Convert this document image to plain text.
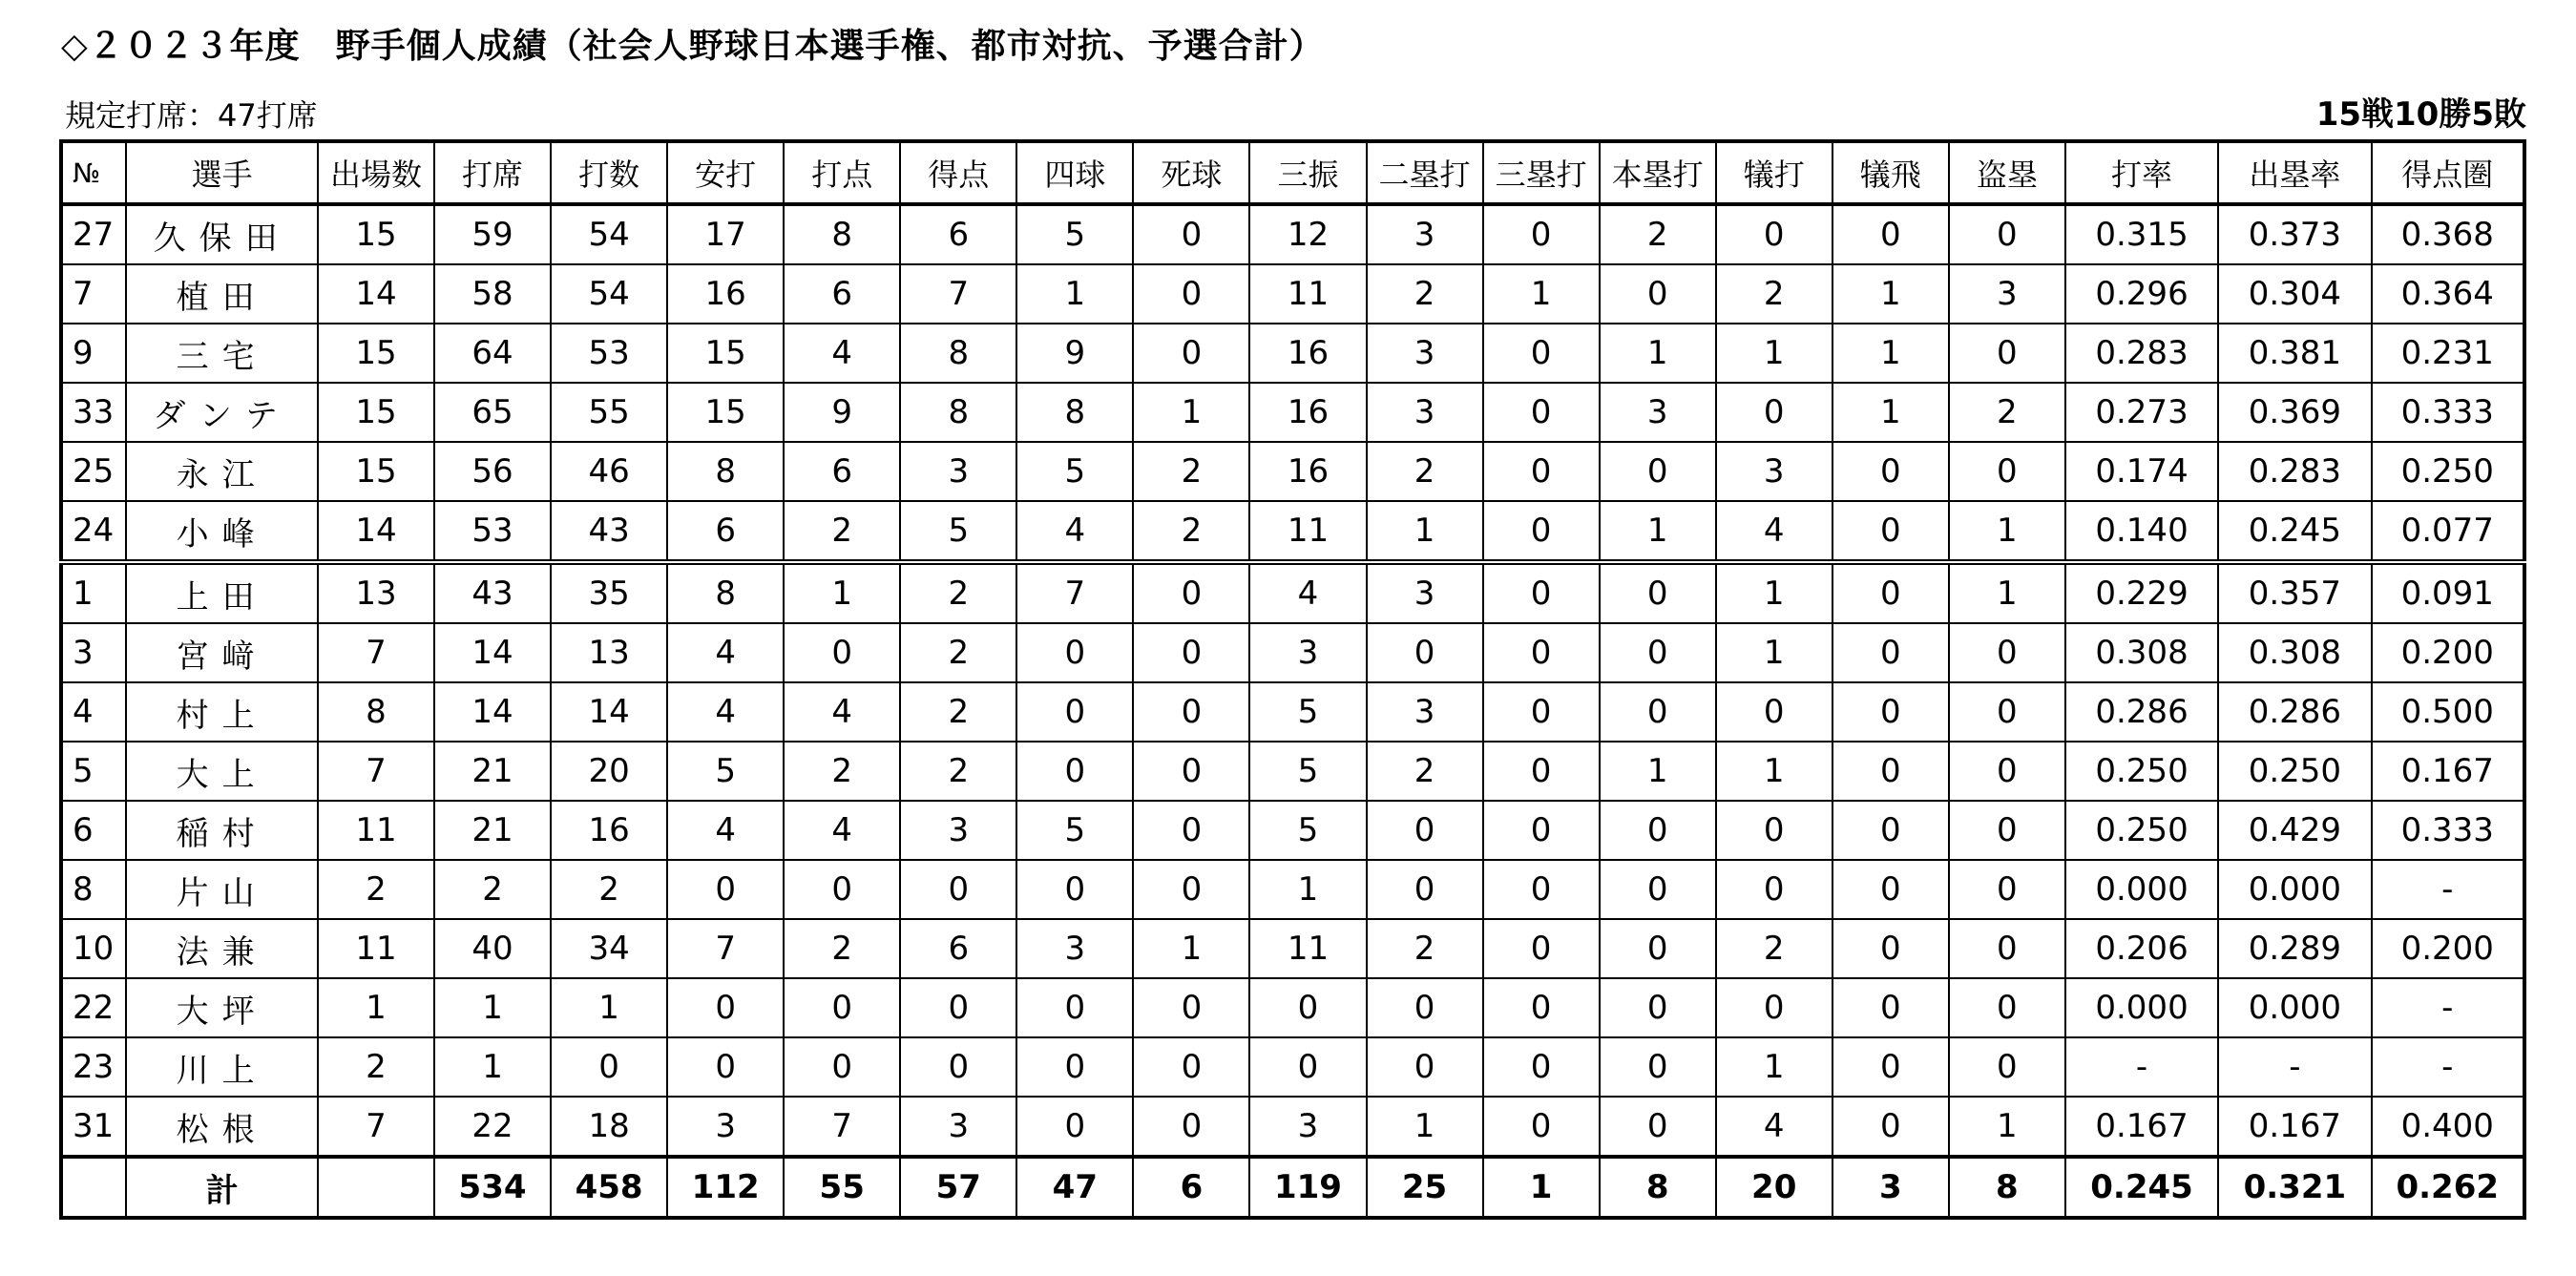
◇２０２３年度　野手個人成績（社会人野球日本選手権、都市対抗、予選合計）
規定打席：47打席	15戦10勝5敗
№	選手	出場数	打席	打数	安打	打点	得点	四球	死球	三振	二塁打	三塁打	本塁打	犠打	犠飛	盗塁	打率	出塁率	得点圏
27	久保田	15	59	54	17	8	6	5	0	12	3	0	2	0	0	0	0.315	0.373	0.368
7	植田	14	58	54	16	6	7	1	0	11	2	1	0	2	1	3	0.296	0.304	0.364
9	三宅	15	64	53	15	4	8	9	0	16	3	0	1	1	1	0	0.283	0.381	0.231
33	ダンテ	15	65	55	15	9	8	8	1	16	3	0	3	0	1	2	0.273	0.369	0.333
25	永江	15	56	46	8	6	3	5	2	16	2	0	0	3	0	0	0.174	0.283	0.250
24	小峰	14	53	43	6	2	5	4	2	11	1	0	1	4	0	1	0.140	0.245	0.077
1	上田	13	43	35	8	1	2	7	0	4	3	0	0	1	0	1	0.229	0.357	0.091
3	宮﨑	7	14	13	4	0	2	0	0	3	0	0	0	1	0	0	0.308	0.308	0.200
4	村上	8	14	14	4	4	2	0	0	5	3	0	0	0	0	0	0.286	0.286	0.500
5	大上	7	21	20	5	2	2	0	0	5	2	0	1	1	0	0	0.250	0.250	0.167
6	稲村	11	21	16	4	4	3	5	0	5	0	0	0	0	0	0	0.250	0.429	0.333
8	片山	2	2	2	0	0	0	0	0	1	0	0	0	0	0	0	0.000	0.000	-
10	法兼	11	40	34	7	2	6	3	1	11	2	0	0	2	0	0	0.206	0.289	0.200
22	大坪	1	1	1	0	0	0	0	0	0	0	0	0	0	0	0	0.000	0.000	-
23	川上	2	1	0	0	0	0	0	0	0	0	0	0	1	0	0	-	-	-
31	松根	7	22	18	3	7	3	0	0	3	1	0	0	4	0	1	0.167	0.167	0.400
	計		534	458	112	55	57	47	6	119	25	1	8	20	3	8	0.245	0.321	0.262
